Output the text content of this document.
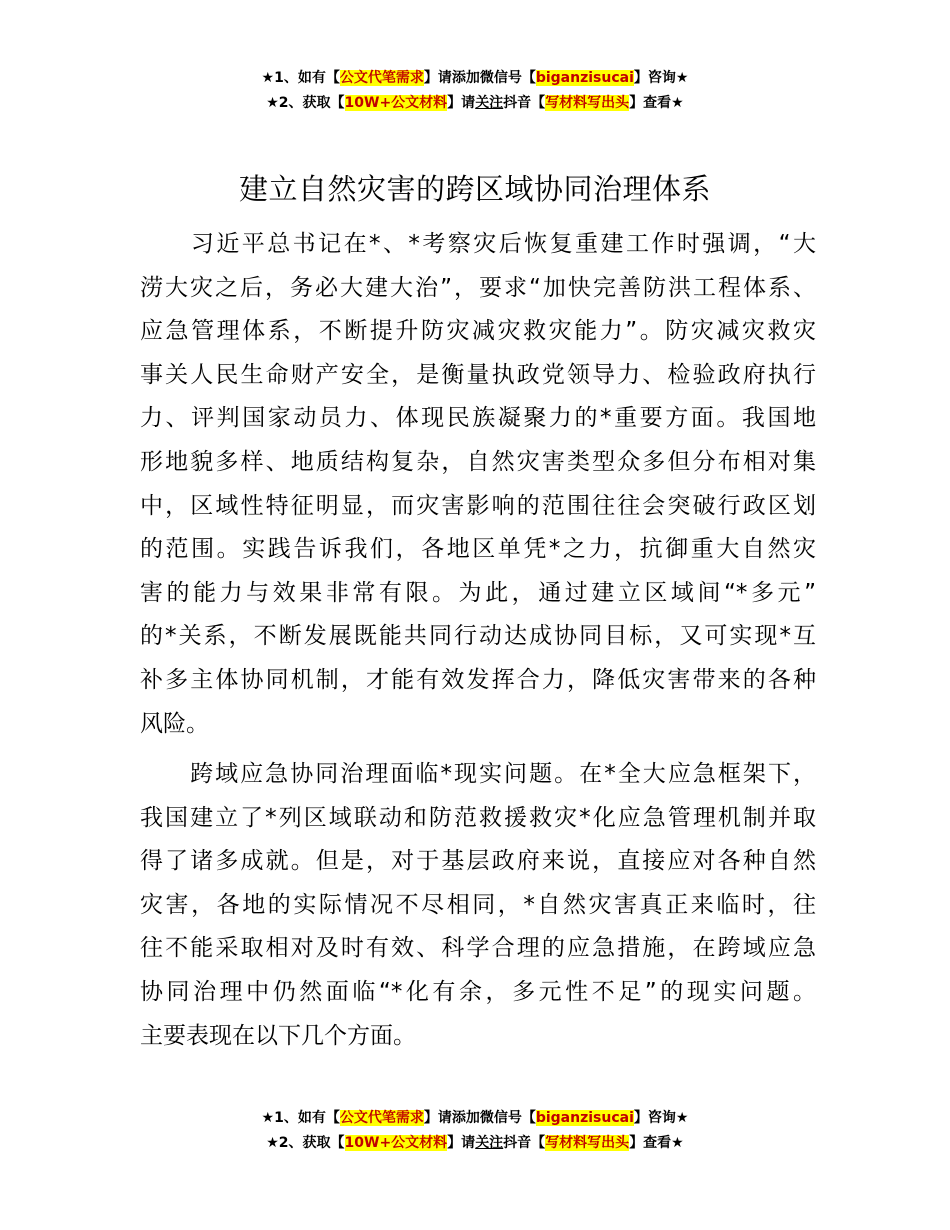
★1、如有【公文代笔需求】请添加微信号【biganzisucai】咨询★
★2、获取【10W+公文材料】请关注抖音【写材料写出头】查看★
建立自然灾害的跨区域协同治理体系
　　习近平总书记在*、*考察灾后恢复重建工作时强调，“大
涝大灾之后，务必大建大治”，要求“加快完善防洪工程体系、
应急管理体系，不断提升防灾减灾救灾能力”。防灾减灾救灾
事关人民生命财产安全，是衡量执政党领导力、检验政府执行
力、评判国家动员力、体现民族凝聚力的*重要方面。我国地
形地貌多样、地质结构复杂，自然灾害类型众多但分布相对集
中，区域性特征明显，而灾害影响的范围往往会突破行政区划
的范围。实践告诉我们，各地区单凭*之力，抗御重大自然灾
害的能力与效果非常有限。为此，通过建立区域间“*多元”
的*关系，不断发展既能共同行动达成协同目标，又可实现*互
补多主体协同机制，才能有效发挥合力，降低灾害带来的各种
风险。
　　跨域应急协同治理面临*现实问题。在*全大应急框架下，
我国建立了*列区域联动和防范救援救灾*化应急管理机制并取
得了诸多成就。但是，对于基层政府来说，直接应对各种自然
灾害，各地的实际情况不尽相同，*自然灾害真正来临时，往
往不能采取相对及时有效、科学合理的应急措施，在跨域应急
协同治理中仍然面临“*化有余，多元性不足”的现实问题。
主要表现在以下几个方面。
★1、如有【公文代笔需求】请添加微信号【biganzisucai】咨询★
★2、获取【10W+公文材料】请关注抖音【写材料写出头】查看★
